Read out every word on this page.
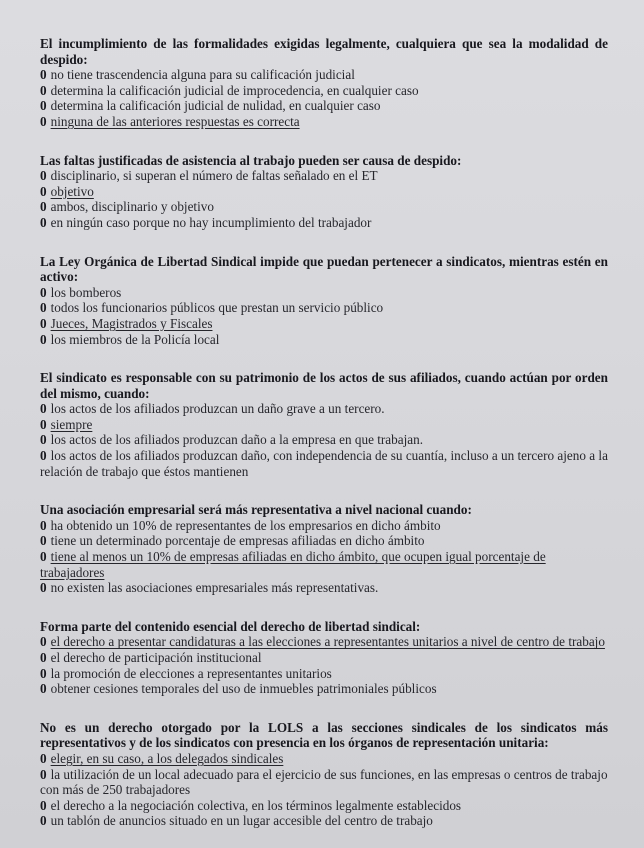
El incumplimiento de las formalidades exigidas legalmente, cualquiera que sea la modalidad de despido:
0 no tiene trascendencia alguna para su calificación judicial
0 determina la calificación judicial de improcedencia, en cualquier caso
0 determina la calificación judicial de nulidad, en cualquier caso
0 ninguna de las anteriores respuestas es correcta
Las faltas justificadas de asistencia al trabajo pueden ser causa de despido:
0 disciplinario, si superan el número de faltas señalado en el ET
0 objetivo
0 ambos, disciplinario y objetivo
0 en ningún caso porque no hay incumplimiento del trabajador
La Ley Orgánica de Libertad Sindical impide que puedan pertenecer a sindicatos, mientras estén en activo:
0 los bomberos
0 todos los funcionarios públicos que prestan un servicio público
0 Jueces, Magistrados y Fiscales
0 los miembros de la Policía local
El sindicato es responsable con su patrimonio de los actos de sus afiliados, cuando actúan por orden del mismo, cuando:
0 los actos de los afiliados produzcan un daño grave a un tercero.
0 siempre
0 los actos de los afiliados produzcan daño a la empresa en que trabajan.
0 los actos de los afiliados produzcan daño, con independencia de su cuantía, incluso a un tercero ajeno a la relación de trabajo que éstos mantienen
Una asociación empresarial será más representativa a nivel nacional cuando:
0 ha obtenido un 10% de representantes de los empresarios en dicho ámbito
0 tiene un determinado porcentaje de empresas afiliadas en dicho ámbito
0 tiene al menos un 10% de empresas afiliadas en dicho ámbito, que ocupen igual porcentaje de trabajadores
0 no existen las asociaciones empresariales más representativas.
Forma parte del contenido esencial del derecho de libertad sindical:
0 el derecho a presentar candidaturas a las elecciones a representantes unitarios a nivel de centro de trabajo
0 el derecho de participación institucional
0 la promoción de elecciones a representantes unitarios
0 obtener cesiones temporales del uso de inmuebles patrimoniales públicos
No es un derecho otorgado por la LOLS a las secciones sindicales de los sindicatos más representativos y de los sindicatos con presencia en los órganos de representación unitaria:
0 elegir, en su caso, a los delegados sindicales
0 la utilización de un local adecuado para el ejercicio de sus funciones, en las empresas o centros de trabajo con más de 250 trabajadores
0 el derecho a la negociación colectiva, en los términos legalmente establecidos
0 un tablón de anuncios situado en un lugar accesible del centro de trabajo
